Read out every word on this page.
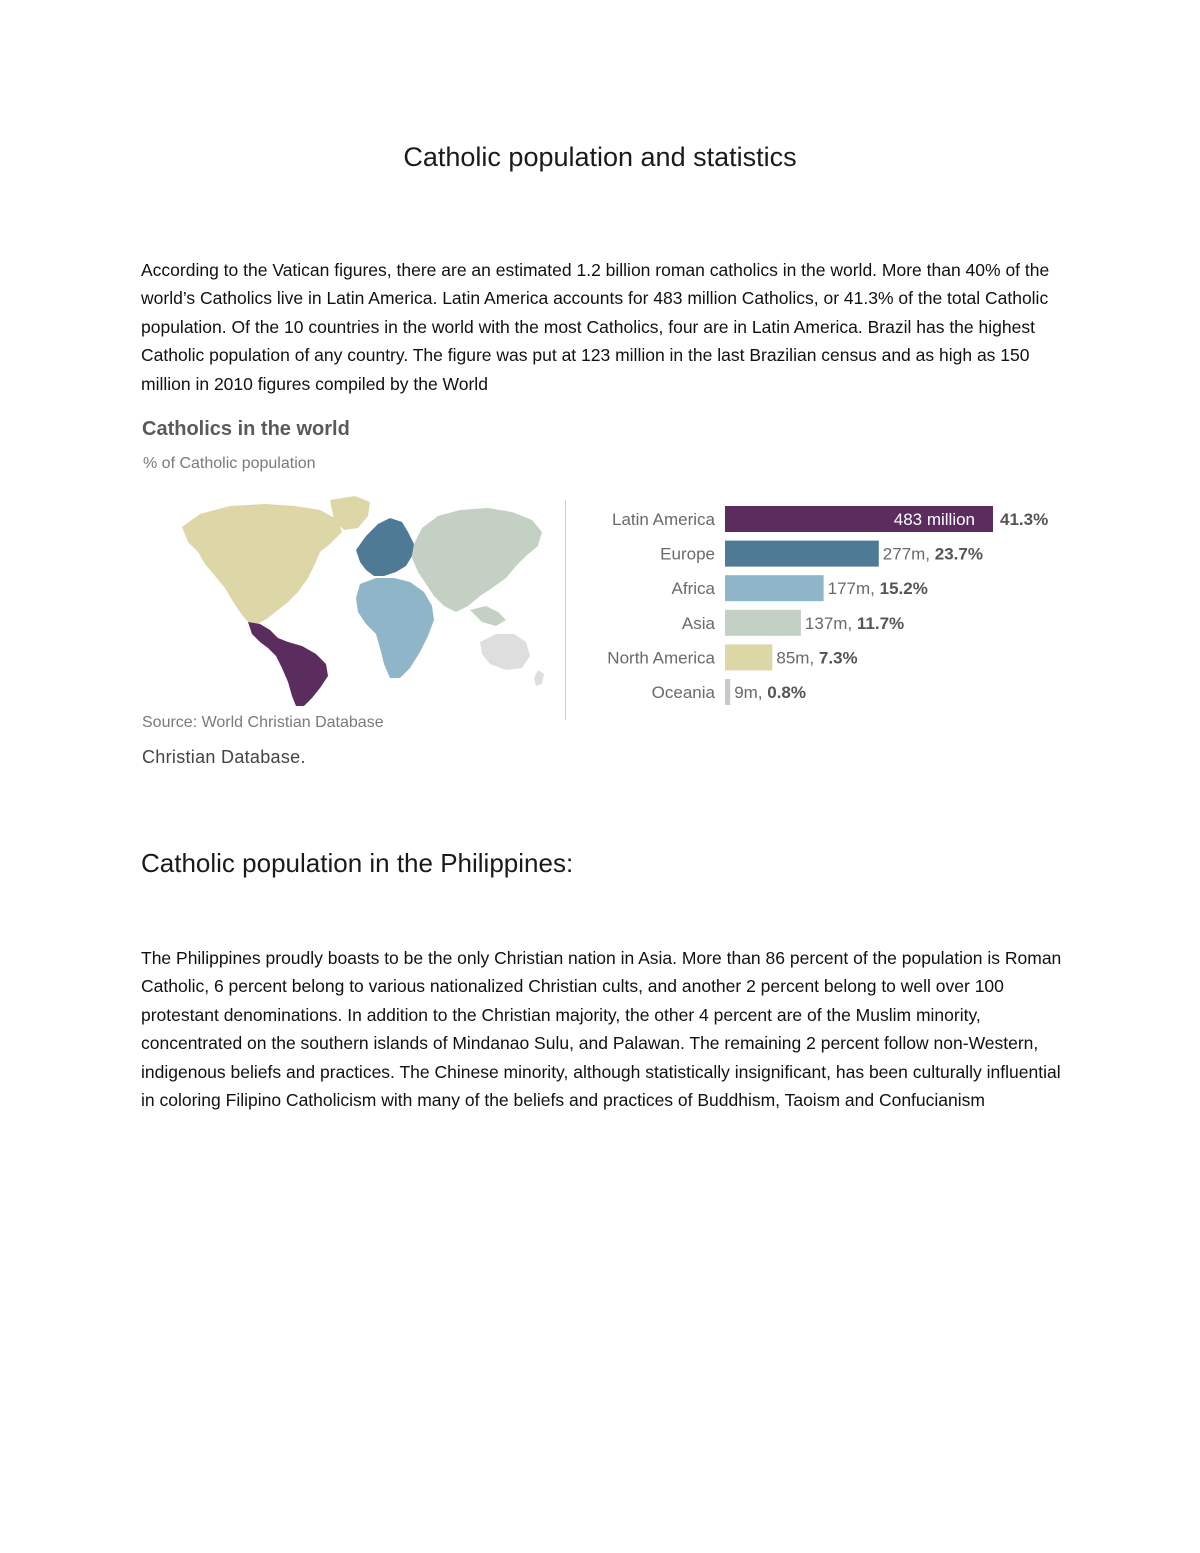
Catholic population and statistics
According to the Vatican figures, there are an estimated 1.2 billion roman catholics in the world. More than 40% of the world’s Catholics live in Latin America. Latin America accounts for 483 million Catholics, or 41.3% of the total Catholic population. Of the 10 countries in the world with the most Catholics, four are in Latin America. Brazil has the highest Catholic population of any country. The figure was put at 123 million in the last Brazilian census and as high as 150 million in 2010 figures compiled by the World
Catholics in the world
% of Catholic population
Source: World Christian Database
Latin America	483 million 41.3%
Europe	277m, 23.7%
Africa	177m, 15.2%
Asia	137m, 11.7%
North America	85m, 7.3%
Oceania 9m, 0.8%
Christian Database.
Catholic population in the Philippines:
The Philippines proudly boasts to be the only Christian nation in Asia. More than 86 percent of the population is Roman Catholic, 6 percent belong to various nationalized Christian cults, and another 2 percent belong to well over 100 protestant denominations. In addition to the Christian majority, the other 4 percent are of the Muslim minority, concentrated on the southern islands of Mindanao Sulu, and Palawan. The remaining 2 percent follow non-Western, indigenous beliefs and practices. The Chinese minority, although statistically insignificant, has been culturally influential in coloring Filipino Catholicism with many of the beliefs and practices of Buddhism, Taoism and Confucianism
